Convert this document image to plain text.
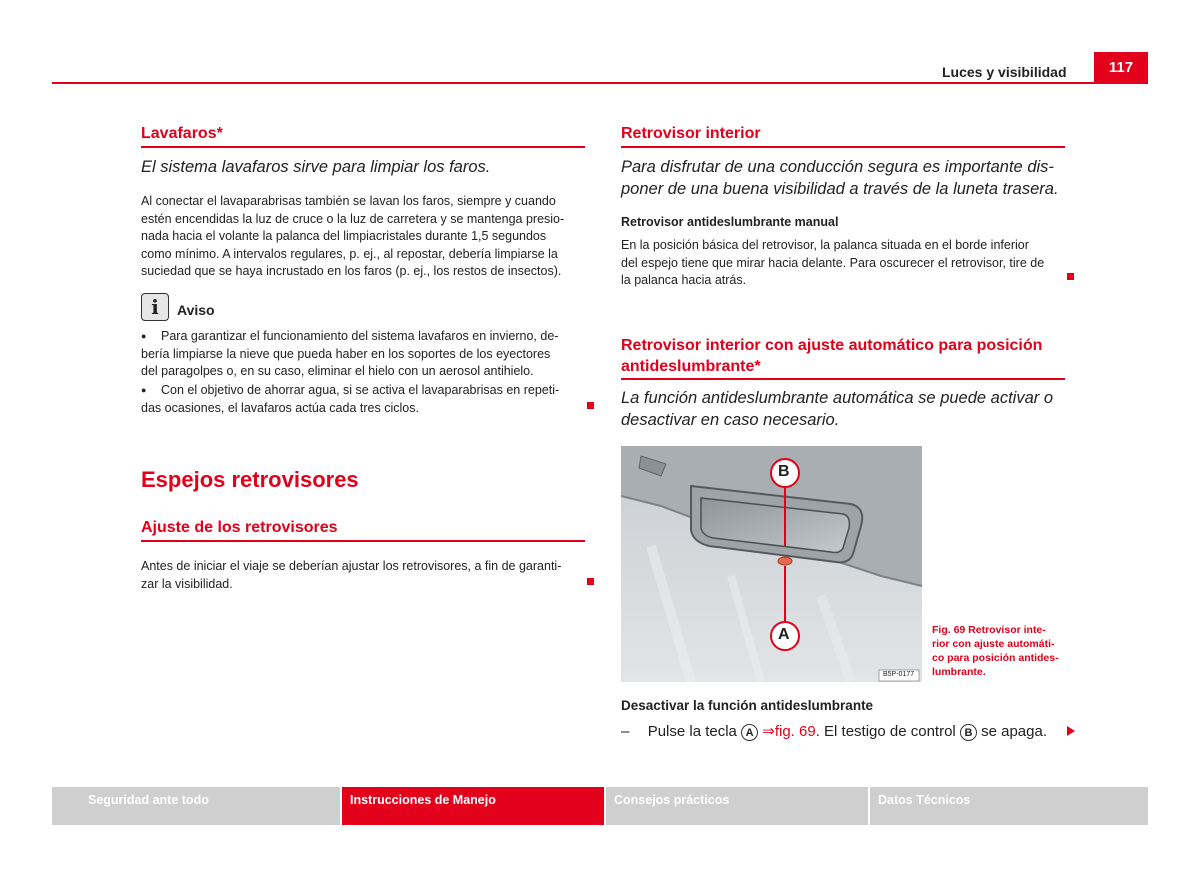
Luces y visibilidad	117
Lavafaros*
El sistema lavafaros sirve para limpiar los faros.
Al conectar el lavaparabrisas también se lavan los faros, siempre y cuando
estén encendidas la luz de cruce o la luz de carretera y se mantenga presio-
nada hacia el volante la palanca del limpiacristales durante 1,5 segundos
como mínimo. A intervalos regulares, p. ej., al repostar, debería limpiarse la
suciedad que se haya incrustado en los faros (p. ej., los restos de insectos).
i Aviso
●	Para garantizar el funcionamiento del sistema lavafaros en invierno, de-
bería limpiarse la nieve que pueda haber en los soportes de los eyectores
del paragolpes o, en su caso, eliminar el hielo con un aerosol antihielo.
●	Con el objetivo de ahorrar agua, si se activa el lavaparabrisas en repeti-
das ocasiones, el lavafaros actúa cada tres ciclos.
Espejos retrovisores
Ajuste de los retrovisores
Antes de iniciar el viaje se deberían ajustar los retrovisores, a fin de garanti-
zar la visibilidad.
Retrovisor interior
Para disfrutar de una conducción segura es importante dis-
poner de una buena visibilidad a través de la luneta trasera.
Retrovisor antideslumbrante manual
En la posición básica del retrovisor, la palanca situada en el borde inferior
del espejo tiene que mirar hacia delante. Para oscurecer el retrovisor, tire de
la palanca hacia atrás.
Retrovisor interior con ajuste automático para posición
antideslumbrante*
La función antideslumbrante automática se puede activar o
desactivar en caso necesario.
B
A
B5P-0177
Fig. 69 Retrovisor inte-
rior con ajuste automáti-
co para posición antides-
lumbrante.
Desactivar la función antideslumbrante
– Pulse la tecla A ⇒fig. 69. El testigo de control B se apaga.
Seguridad ante todo	Instrucciones de Manejo	Consejos prácticos	Datos Técnicos
